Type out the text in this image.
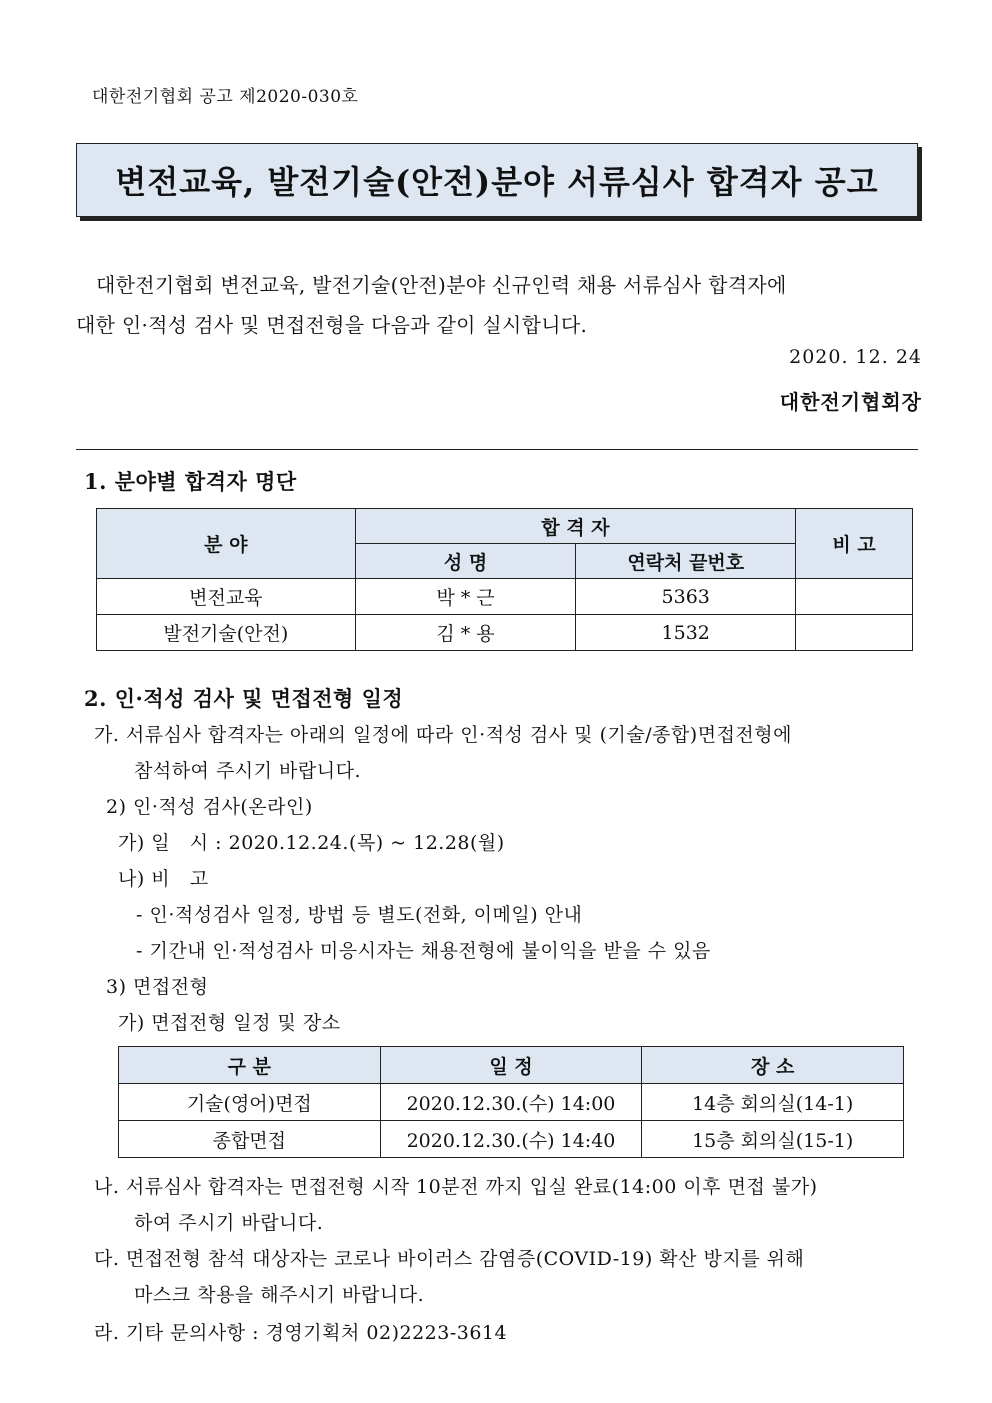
대한전기협회 공고 제2020-030호
변전교육, 발전기술(안전)분야 서류심사 합격자 공고

대한전기협회 변전교육, 발전기술(안전)분야 신규인력 채용 서류심사 합격자에

대한 인·적성 검사 및 면접전형을 다음과 같이 실시합니다.

2020. 12. 24
대한전기협회장
1. 분야별 합격자 명단
분 야	합 격 자		비 고
	성 명	연락처 끝번호	
변전교육	박 * 근	5363	
발전기술(안전)	김 * 용	1532	
2. 인·적성 검사 및 면접전형 일정
가. 서류심사 합격자는 아래의 일정에 따라 인·적성 검사 및 (기술/종합)면접전형에
참석하여 주시기 바랍니다.
2) 인·적성 검사(온라인)
가) 일   시 : 2020.12.24.(목) ~ 12.28(월)
나) 비   고
- 인·적성검사 일정, 방법 등 별도(전화, 이메일) 안내
- 기간내 인·적성검사 미응시자는 채용전형에 불이익을 받을 수 있음
3) 면접전형
가) 면접전형 일정 및 장소
구 분	일 정	장 소
기술(영어)면접	2020.12.30.(수) 14:00	14층 회의실(14-1)
종합면접	2020.12.30.(수) 14:40	15층 회의실(15-1)
나. 서류심사 합격자는 면접전형 시작 10분전 까지 입실 완료(14:00 이후 면접 불가)
하여 주시기 바랍니다.
다. 면접전형 참석 대상자는 코로나 바이러스 감염증(COVID-19) 확산 방지를 위해
마스크 착용을 해주시기 바랍니다.
라. 기타 문의사항 : 경영기획처 02)2223-3614
